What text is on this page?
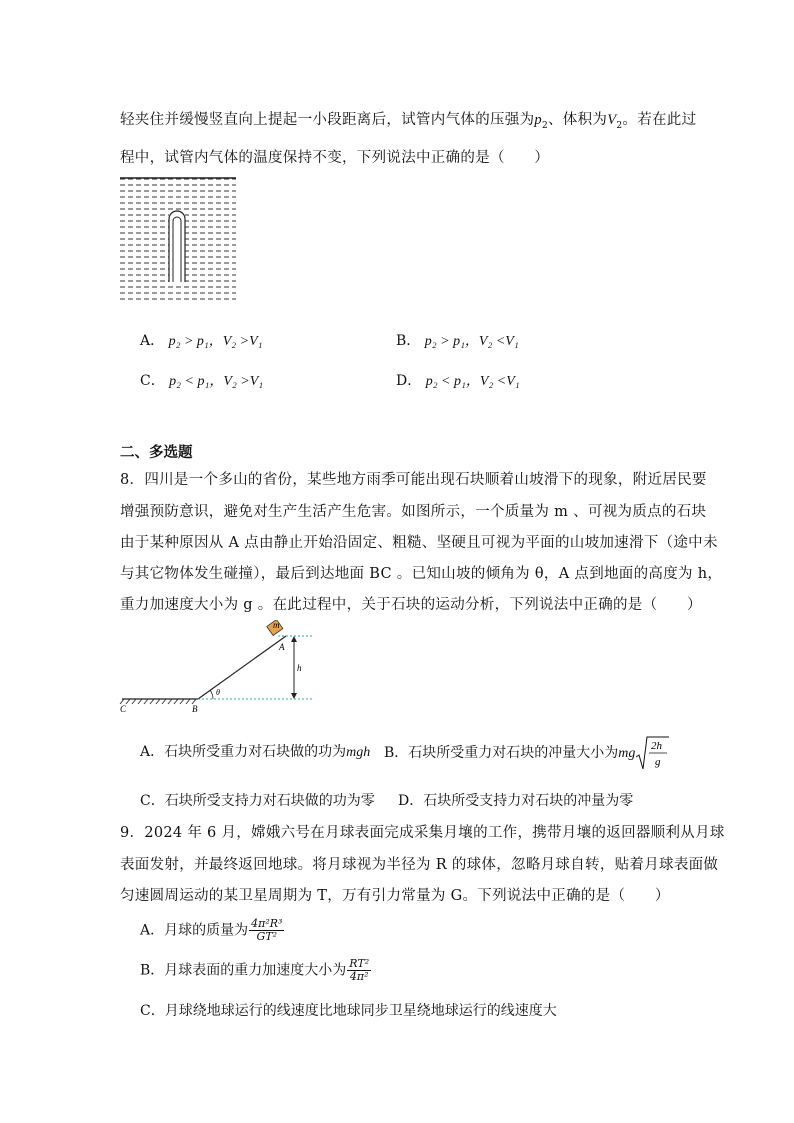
轻夹住并缓慢竖直向上提起一小段距离后，试管内气体的压强为$p_2$、体积为$V_2$。若在此过
程中，试管内气体的温度保持不变，下列说法中正确的是（　　）
A． p₂ > p₁，V₂ >V₁	B． p₂ > p₁，V₂ <V₁
C． p₂ < p₁，V₂ >V₁	D． p₂ < p₁，V₂ <V₁
二、多选题
8．四川是一个多山的省份，某些地方雨季可能出现石块顺着山坡滑下的现象，附近居民要
增强预防意识，避免对生产生活产生危害。如图所示，一个质量为 m 、可视为质点的石块
由于某种原因从 A 点由静止开始沿固定、粗糙、坚硬且可视为平面的山坡加速滑下（途中未
与其它物体发生碰撞），最后到达地面 BC 。已知山坡的倾角为 θ，A 点到地面的高度为 h，
重力加速度大小为 g 。在此过程中，关于石块的运动分析，下列说法中正确的是（　　）
m
A
h
θ
B
C
A．石块所受重力对石块做的功为mgh B．石块所受重力对石块的冲量大小为mg 2h
g
C．石块所受支持力对石块做的功为零 D．石块所受支持力对石块的冲量为零
9．2024 年 6 月，嫦娥六号在月球表面完成采集月壤的工作，携带月壤的返回器顺利从月球
表面发射，并最终返回地球。将月球视为半径为 R 的球体，忽略月球自转，贴着月球表面做
匀速圆周运动的某卫星周期为 T，万有引力常量为 G。下列说法中正确的是（　　）
A．月球的质量为 $\frac{\text{4π²R³}}{\text{GT²}}$
B．月球表面的重力加速度大小为 $\frac{\text{RT²}}{\text{4π²}}$
C．月球绕地球运行的线速度比地球同步卫星绕地球运行的线速度大
